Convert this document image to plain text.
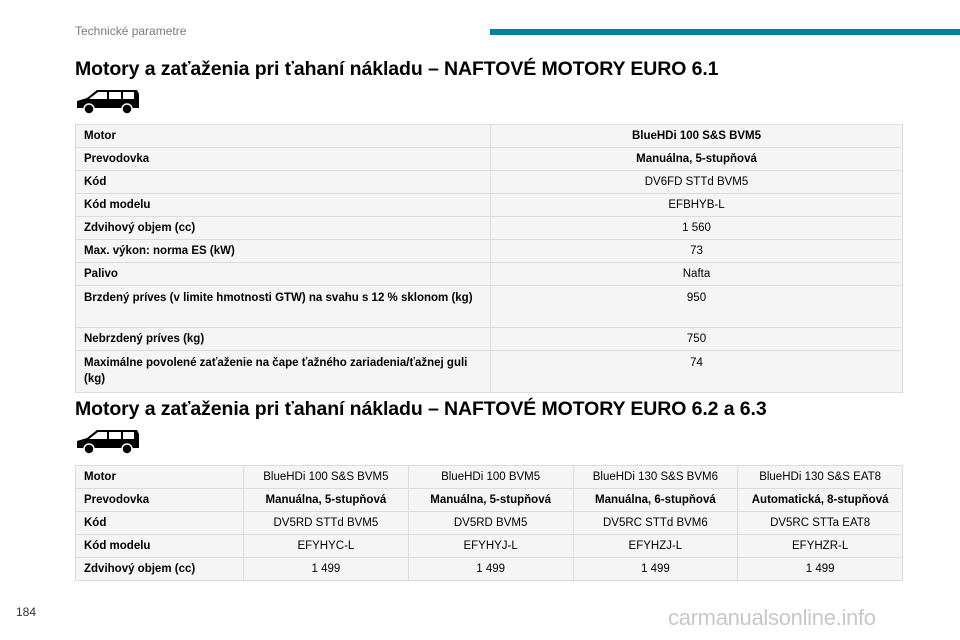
Technické parametre
Motory a zaťaženia pri ťahaní nákladu – NAFTOVÉ MOTORY EURO 6.1
Motor	BlueHDi 100 S&S BVM5
Prevodovka	Manuálna, 5-stupňová
Kód	DV6FD STTd BVM5
Kód modelu	EFBHYB-L
Zdvihový objem (cc)	1 560
Max. výkon: norma ES (kW)	73
Palivo	Nafta
Brzdený príves (v limite hmotnosti GTW) na svahu s 12 % sklonom (kg)	950
Nebrzdený príves (kg)	750
Maximálne povolené zaťaženie na čape ťažného zariadenia/ťažnej guli (kg)	74
Motory a zaťaženia pri ťahaní nákladu – NAFTOVÉ MOTORY EURO 6.2 a 6.3
Motor	BlueHDi 100 S&S BVM5	BlueHDi 100 BVM5	BlueHDi 130 S&S BVM6	BlueHDi 130 S&S EAT8
Prevodovka	Manuálna, 5-stupňová	Manuálna, 5-stupňová	Manuálna, 6-stupňová	Automatická, 8-stupňová
Kód	DV5RD STTd BVM5	DV5RD BVM5	DV5RC STTd BVM6	DV5RC STTa EAT8
Kód modelu	EFYHYC-L	EFYHYJ-L	EFYHZJ-L	EFYHZR-L
Zdvihový objem (cc)	1 499	1 499	1 499	1 499
184	carmanualsonline.info
